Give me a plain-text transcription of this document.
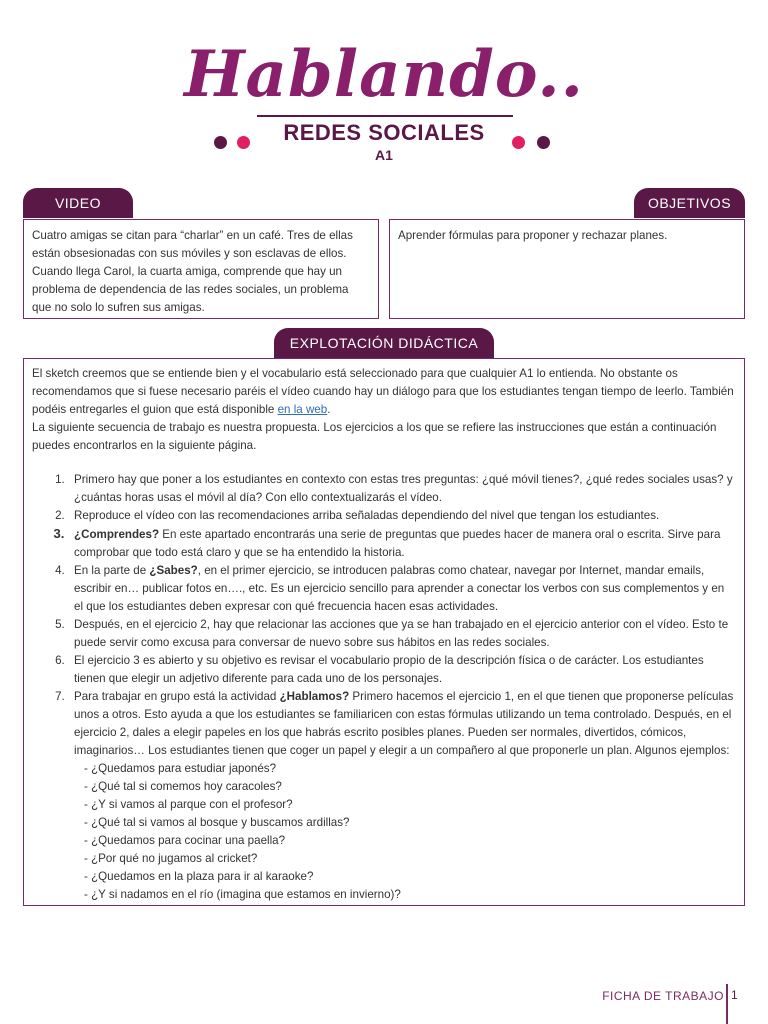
Hablando..
REDES SOCIALES
A1
VIDEO

Cuatro amigas se citan para “charlar” en un café. Tres de ellas están obsesionadas con sus móviles y son esclavas de ellos. Cuando llega Carol, la cuarta amiga, comprende que hay un problema de dependencia de las redes sociales, un problema que no solo lo sufren sus amigas.

OBJETIVOS

Aprender fórmulas para proponer y rechazar planes.

EXPLOTACIÓN DIDÁCTICA

El sketch creemos que se entiende bien y el vocabulario está seleccionado para que cualquier A1 lo entienda. No obstante os recomendamos que si fuese necesario paréis el vídeo cuando hay un diálogo para que los estudiantes tengan tiempo de leerlo. También podéis entregarles el guion que está disponible en la web.

La siguiente secuencia de trabajo es nuestra propuesta. Los ejercicios a los que se refiere las instrucciones que están a continuación puedes encontrarlos en la siguiente página.

1. Primero hay que poner a los estudiantes en contexto con estas tres preguntas: ¿qué móvil tienes?, ¿qué redes sociales usas? y ¿cuántas horas usas el móvil al día? Con ello contextualizarás el vídeo.
2. Reproduce el vídeo con las recomendaciones arriba señaladas dependiendo del nivel que tengan los estudiantes.
3. ¿Comprendes? En este apartado encontrarás una serie de preguntas que puedes hacer de manera oral o escrita. Sirve para comprobar que todo está claro y que se ha entendido la historia.
4. En la parte de ¿Sabes?, en el primer ejercicio, se introducen palabras como chatear, navegar por Internet, mandar emails, escribir en… publicar fotos en…., etc. Es un ejercicio sencillo para aprender a conectar los verbos con sus complementos y en el que los estudiantes deben expresar con qué frecuencia hacen esas actividades.
5. Después, en el ejercicio 2, hay que relacionar las acciones que ya se han trabajado en el ejercicio anterior con el vídeo. Esto te puede servir como excusa para conversar de nuevo sobre sus hábitos en las redes sociales.
6. El ejercicio 3 es abierto y su objetivo es revisar el vocabulario propio de la descripción física o de carácter. Los estudiantes tienen que elegir un adjetivo diferente para cada uno de los personajes.
7. Para trabajar en grupo está la actividad ¿Hablamos? Primero hacemos el ejercicio 1, en el que tienen que proponerse películas unos a otros. Esto ayuda a que los estudiantes se familiaricen con estas fórmulas utilizando un tema controlado. Después, en el ejercicio 2, dales a elegir papeles en los que habrás escrito posibles planes. Pueden ser normales, divertidos, cómicos, imaginarios… Los estudiantes tienen que coger un papel y elegir a un compañero al que proponerle un plan. Algunos ejemplos:
- ¿Quedamos para estudiar japonés?
- ¿Qué tal si comemos hoy caracoles?
- ¿Y si vamos al parque con el profesor?
- ¿Qué tal si vamos al bosque y buscamos ardillas?
- ¿Quedamos para cocinar una paella?
- ¿Por qué no jugamos al cricket?
- ¿Quedamos en la plaza para ir al karaoke?
- ¿Y si nadamos en el río (imagina que estamos en invierno)?
FICHA DE TRABAJO 1
